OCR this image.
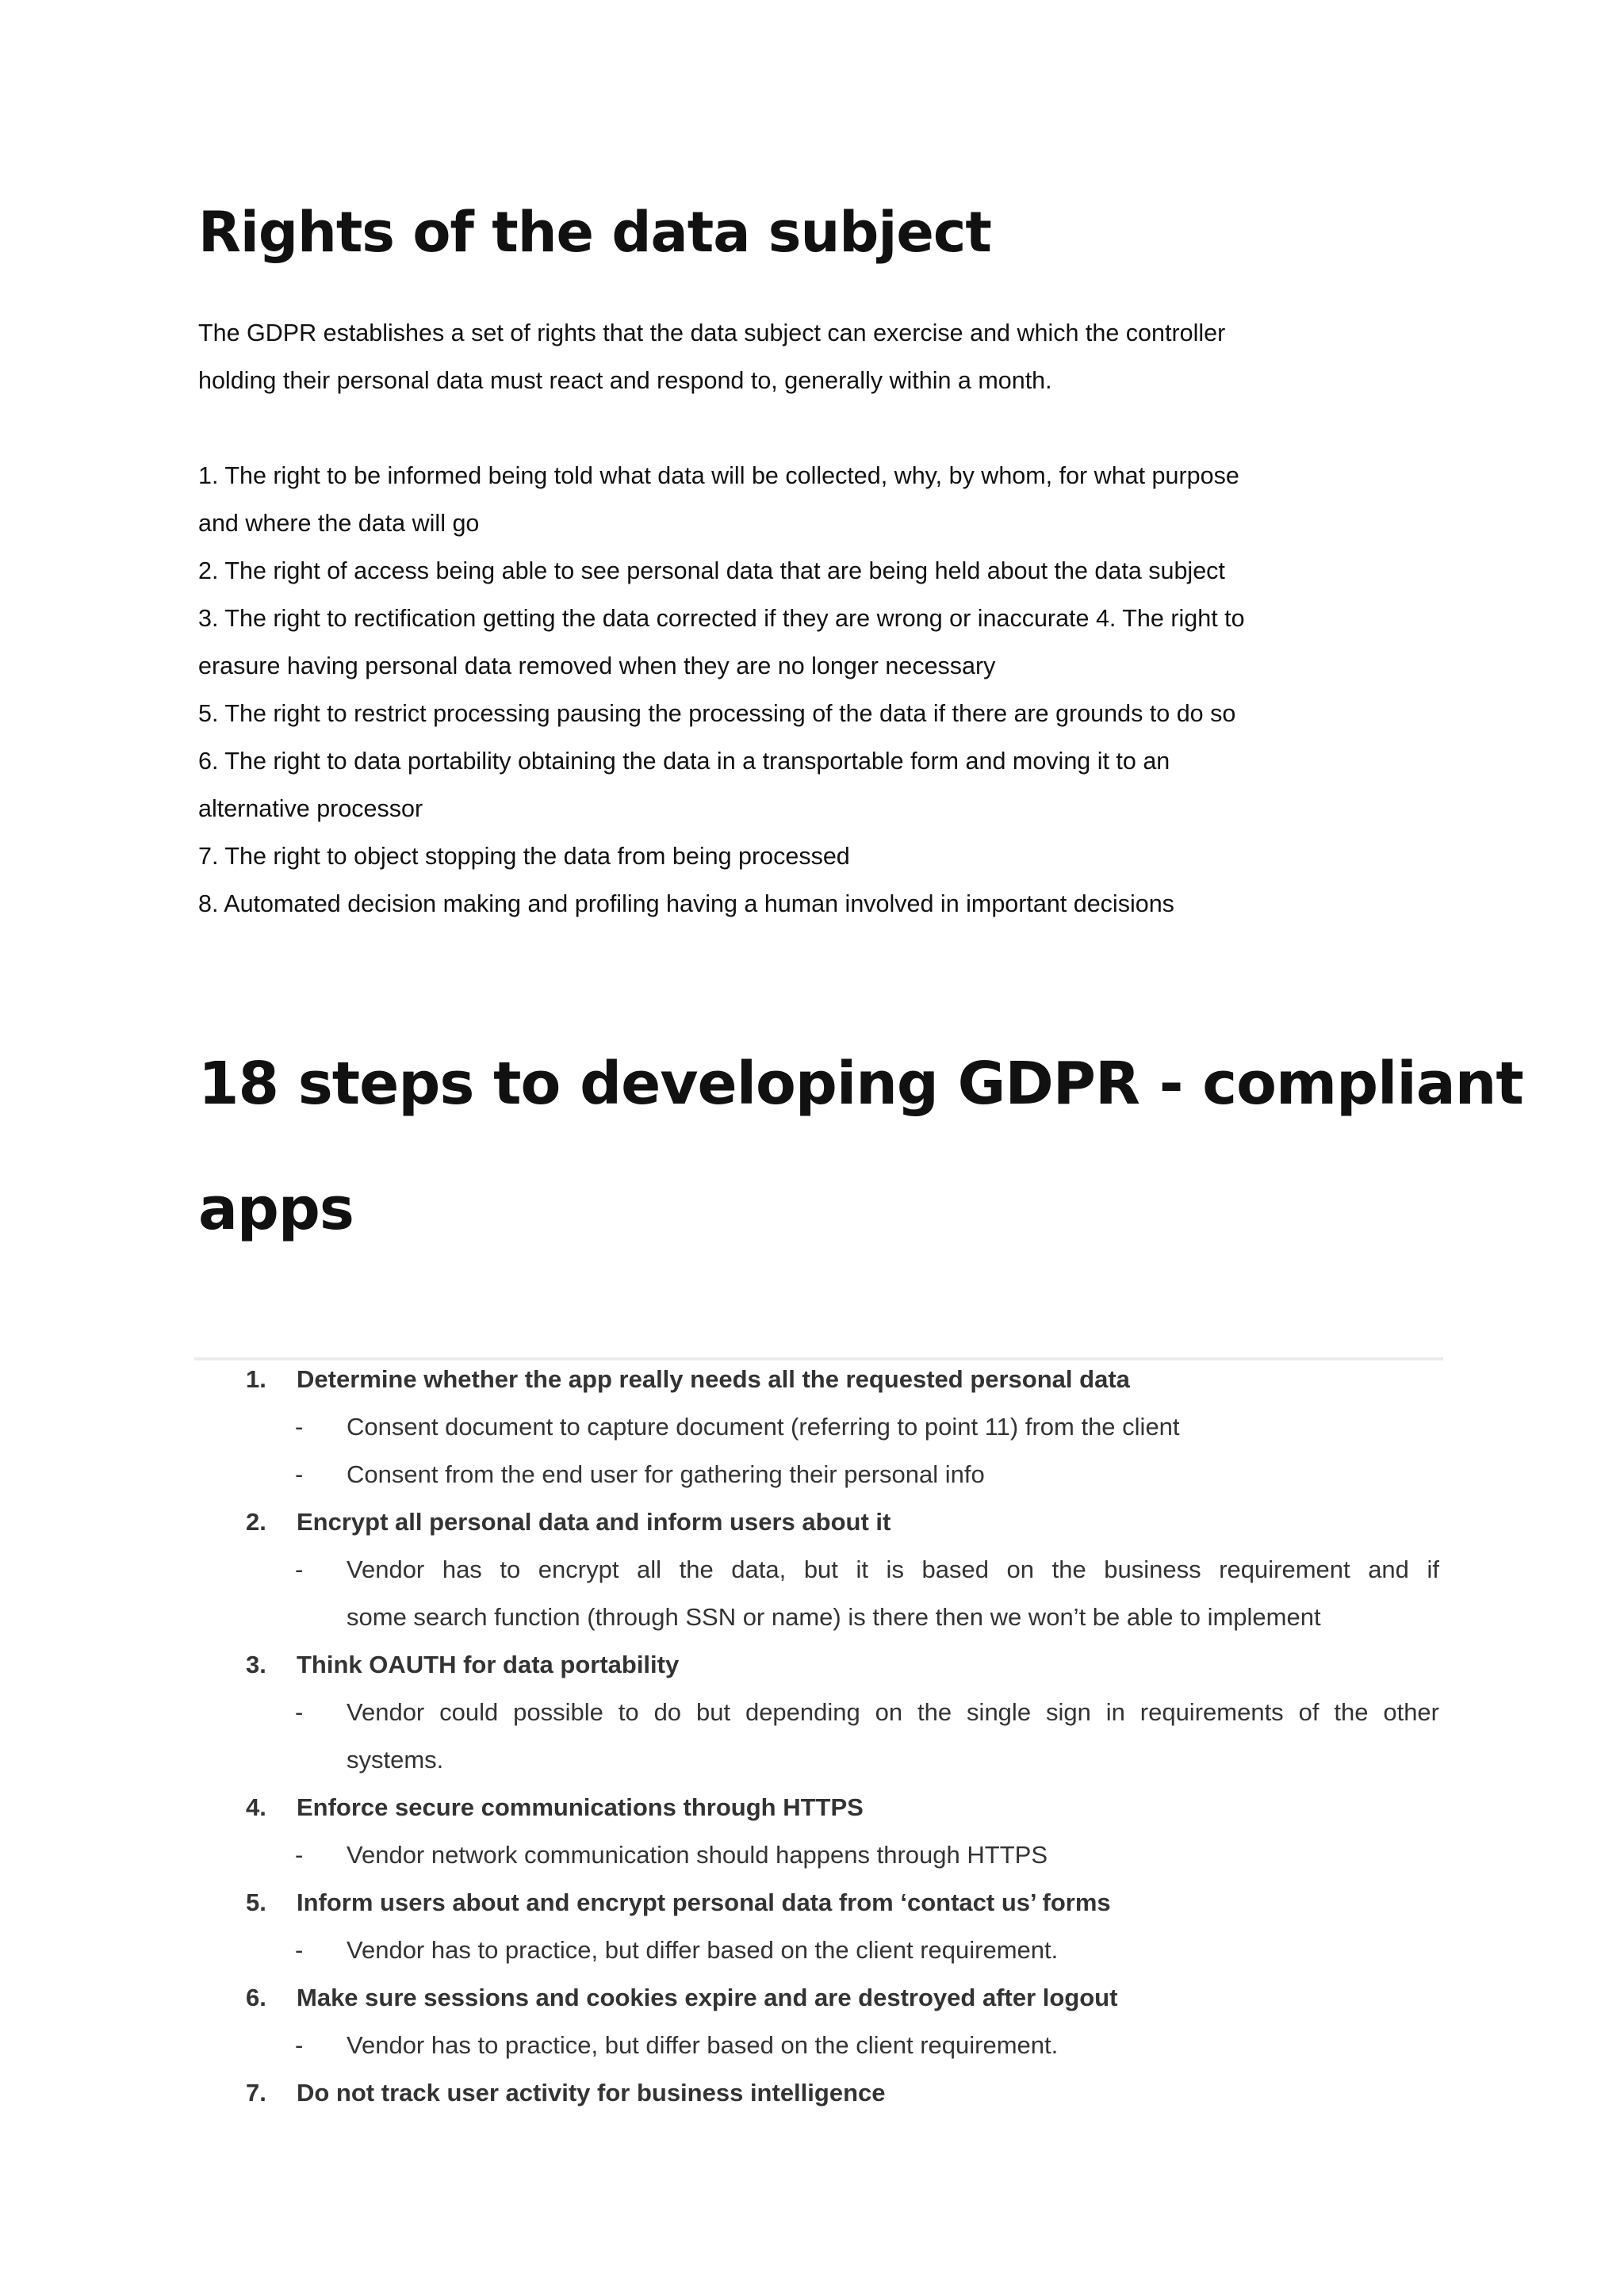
Rights of the data subject
The GDPR establishes a set of rights that the data subject can exercise and which the controller
holding their personal data must react and respond to, generally within a month.
1. The right to be informed being told what data will be collected, why, by whom, for what purpose
and where the data will go
2. The right of access being able to see personal data that are being held about the data subject
3. The right to rectification getting the data corrected if they are wrong or inaccurate 4. The right to
erasure having personal data removed when they are no longer necessary
5. The right to restrict processing pausing the processing of the data if there are grounds to do so
6. The right to data portability obtaining the data in a transportable form and moving it to an
alternative processor
7. The right to object stopping the data from being processed
8. Automated decision making and profiling having a human involved in important decisions
18 steps to developing GDPR - compliant
apps
1. Determine whether the app really needs all the requested personal data
- Consent document to capture document (referring to point 11) from the client
- Consent from the end user for gathering their personal info
2. Encrypt all personal data and inform users about it
- Vendor has to encrypt all the data, but it is based on the business requirement and if
some search function (through SSN or name) is there then we won’t be able to implement
3. Think OAUTH for data portability
- Vendor could possible to do but depending on the single sign in requirements of the other
systems.
4. Enforce secure communications through HTTPS
- Vendor network communication should happens through HTTPS
5. Inform users about and encrypt personal data from ‘contact us’ forms
- Vendor has to practice, but differ based on the client requirement.
6. Make sure sessions and cookies expire and are destroyed after logout
- Vendor has to practice, but differ based on the client requirement.
7. Do not track user activity for business intelligence
